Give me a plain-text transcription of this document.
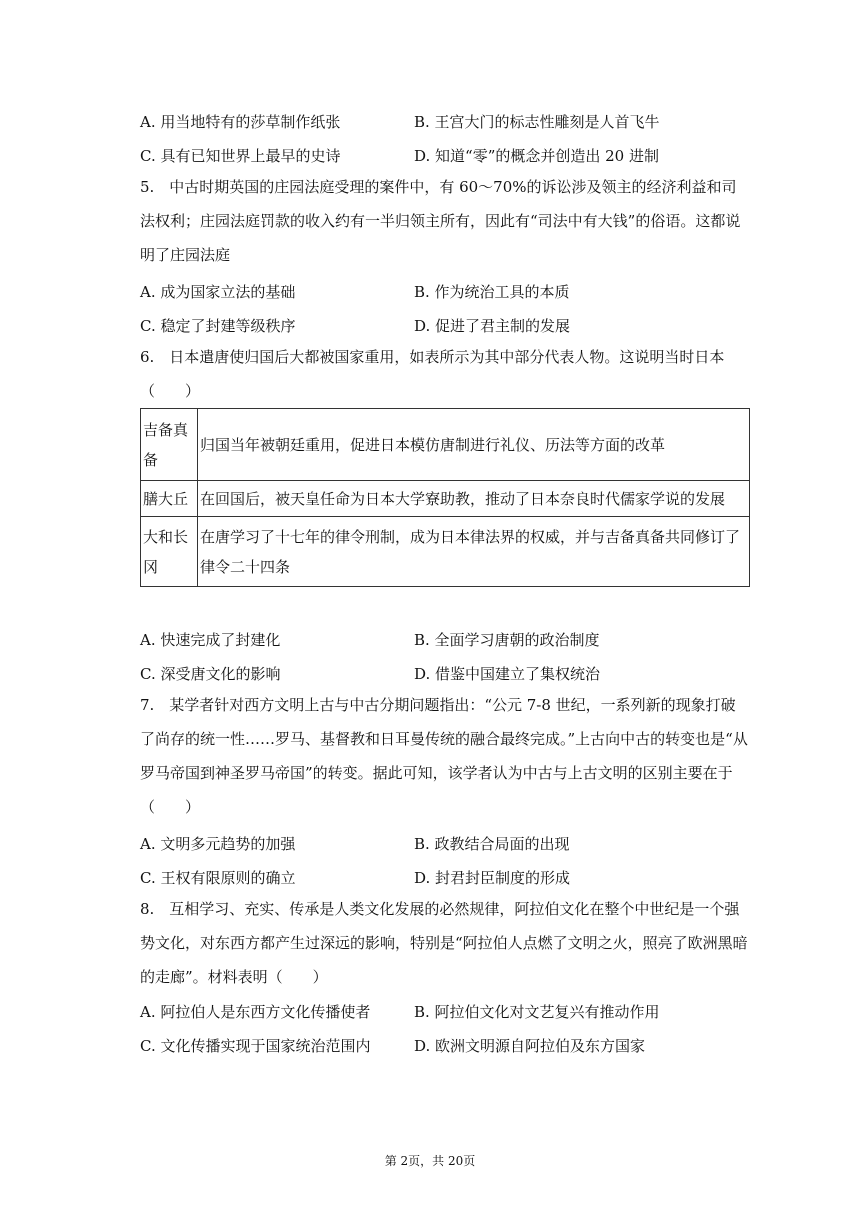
A. 用当地特有的莎草制作纸张	B. 王宫大门的标志性雕刻是人首飞牛
C. 具有已知世界上最早的史诗	D. 知道“零”的概念并创造出 20 进制
5.　中古时期英国的庄园法庭受理的案件中，有 60～70%的诉讼涉及领主的经济利益和司法权利；庄园法庭罚款的收入约有一半归领主所有，因此有“司法中有大钱”的俗语。这都说明了庄园法庭
A. 成为国家立法的基础	B. 作为统治工具的本质
C. 稳定了封建等级秩序	D. 促进了君主制的发展
6.　日本遣唐使归国后大都被国家重用，如表所示为其中部分代表人物。这说明当时日本（　　）
吉备真备	归国当年被朝廷重用，促进日本模仿唐制进行礼仪、历法等方面的改革
膳大丘	在回国后，被天皇任命为日本大学寮助教，推动了日本奈良时代儒家学说的发展
大和长冈	在唐学习了十七年的律令刑制，成为日本律法界的权威，并与吉备真备共同修订了律令二十四条
A. 快速完成了封建化	B. 全面学习唐朝的政治制度
C. 深受唐文化的影响	D. 借鉴中国建立了集权统治
7.　某学者针对西方文明上古与中古分期问题指出：“公元 7-8 世纪，一系列新的现象打破了尚存的统一性……罗马、基督教和日耳曼传统的融合最终完成。”上古向中古的转变也是“从罗马帝国到神圣罗马帝国”的转变。据此可知，该学者认为中古与上古文明的区别主要在于（　　）
A. 文明多元趋势的加强	B. 政教结合局面的出现
C. 王权有限原则的确立	D. 封君封臣制度的形成
8.　互相学习、充实、传承是人类文化发展的必然规律，阿拉伯文化在整个中世纪是一个强势文化，对东西方都产生过深远的影响，特别是“阿拉伯人点燃了文明之火，照亮了欧洲黑暗的走廊”。材料表明（　　）
A. 阿拉伯人是东西方文化传播使者	B. 阿拉伯文化对文艺复兴有推动作用
C. 文化传播实现于国家统治范围内	D. 欧洲文明源自阿拉伯及东方国家
第 2页，共 20页
